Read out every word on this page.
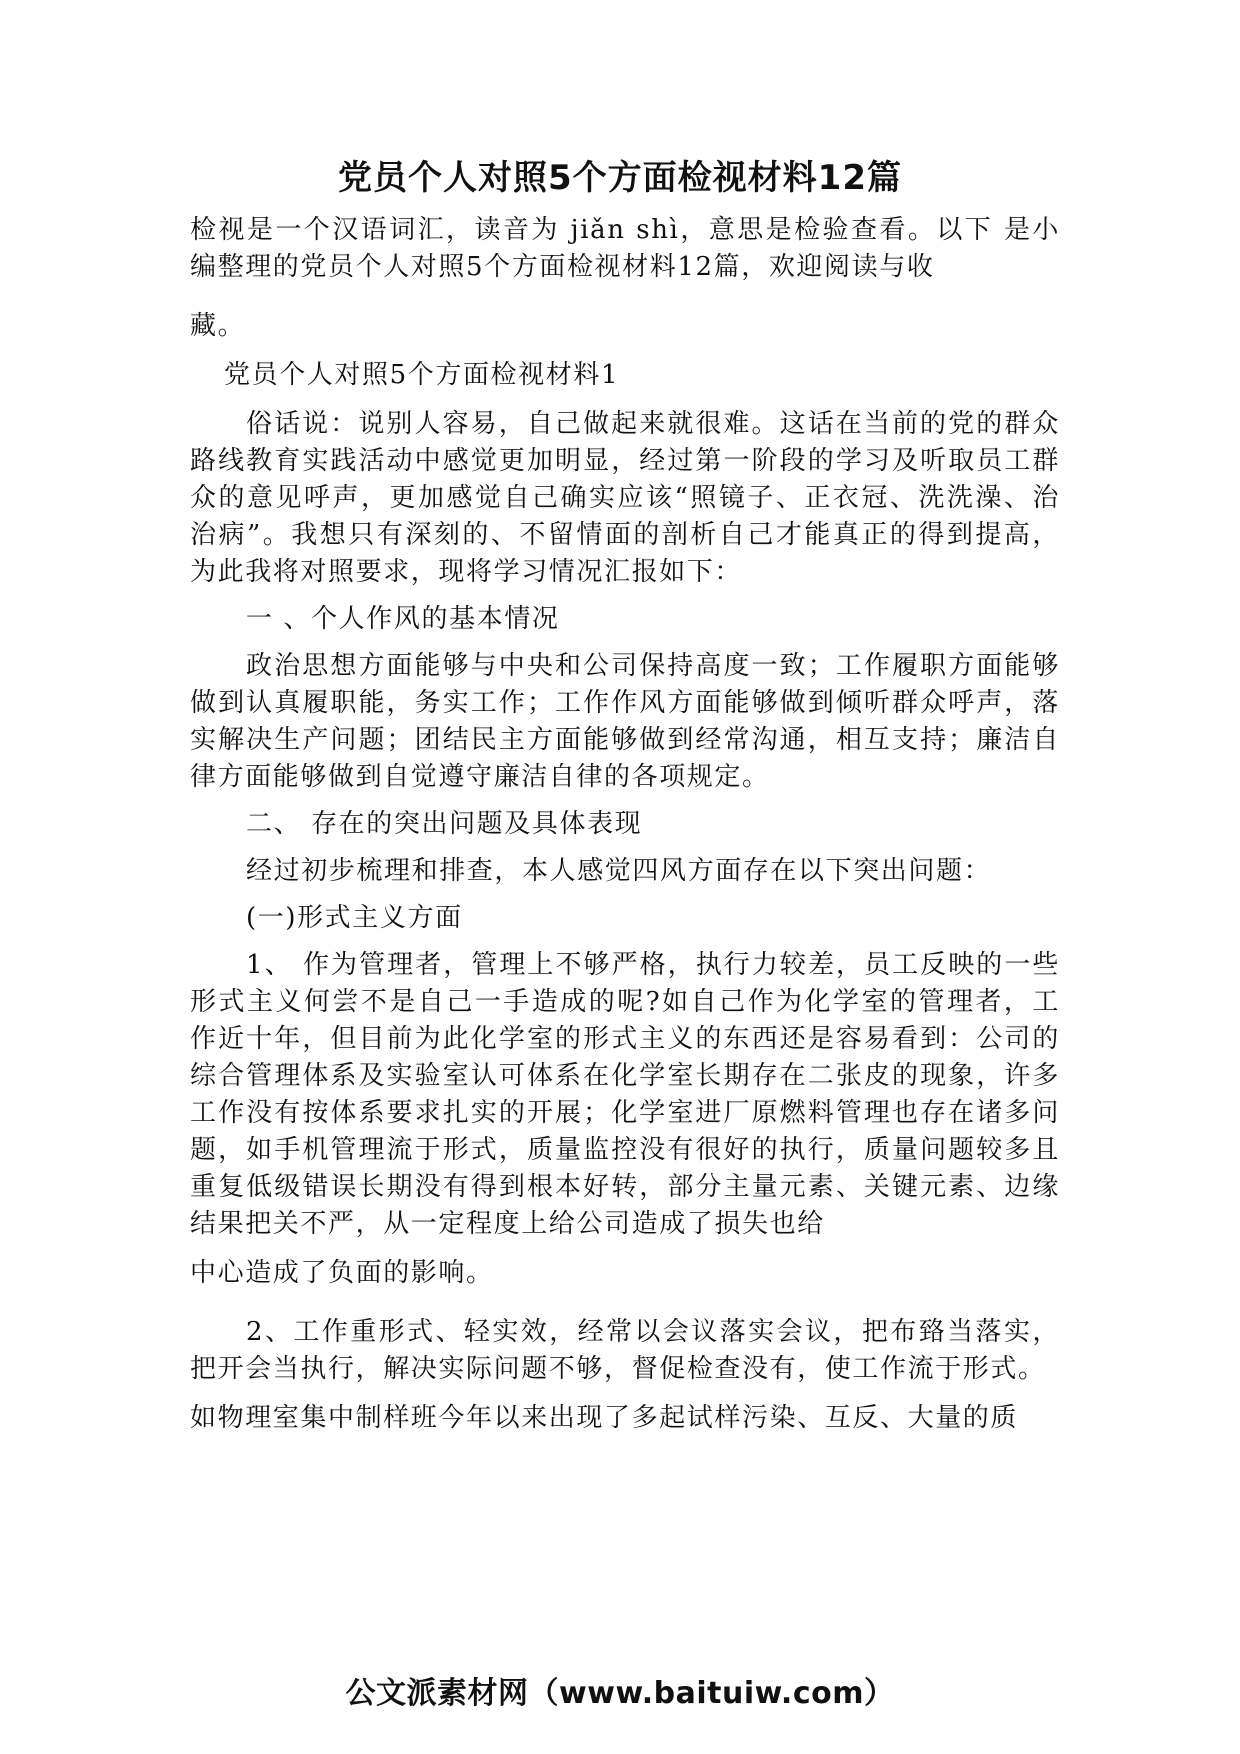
党员个人对照5个方面检视材料12篇

检视是一个汉语词汇，读音为 jiǎn shì，意思是检验查看。以下 是小编整理的党员个人对照5个方面检视材料12篇，欢迎阅读与收

藏。

党员个人对照5个方面检视材料1

俗话说：说别人容易，自己做起来就很难。这话在当前的党的群众路线教育实践活动中感觉更加明显，经过第一阶段的学习及听取员工群众的意见呼声，更加感觉自己确实应该“照镜子、正衣冠、洗洗澡、治治病”。我想只有深刻的、不留情面的剖析自己才能真正的得到提高，为此我将对照要求，现将学习情况汇报如下：

一 、个人作风的基本情况

政治思想方面能够与中央和公司保持高度一致；工作履职方面能够做到认真履职能，务实工作；工作作风方面能够做到倾听群众呼声，落实解决生产问题；团结民主方面能够做到经常沟通，相互支持；廉洁自律方面能够做到自觉遵守廉洁自律的各项规定。

二、 存在的突出问题及具体表现

经过初步梳理和排查，本人感觉四风方面存在以下突出问题：

(一)形式主义方面

1、 作为管理者，管理上不够严格，执行力较差，员工反映的一些形式主义何尝不是自己一手造成的呢?如自己作为化学室的管理者，工作近十年，但目前为此化学室的形式主义的东西还是容易看到：公司的综合管理体系及实验室认可体系在化学室长期存在二张皮的现象，许多工作没有按体系要求扎实的开展；化学室进厂原燃料管理也存在诸多问题，如手机管理流于形式，质量监控没有很好的执行，质量问题较多且重复低级错误长期没有得到根本好转，部分主量元素、关键元素、边缘结果把关不严，从一定程度上给公司造成了损失也给

中心造成了负面的影响。

2、工作重形式、轻实效，经常以会议落实会议，把布臵当落实，把开会当执行，解决实际问题不够，督促检查没有，使工作流于形式。

如物理室集中制样班今年以来出现了多起试样污染、互反、大量的质

公文派素材网（www.baituiw.com）
